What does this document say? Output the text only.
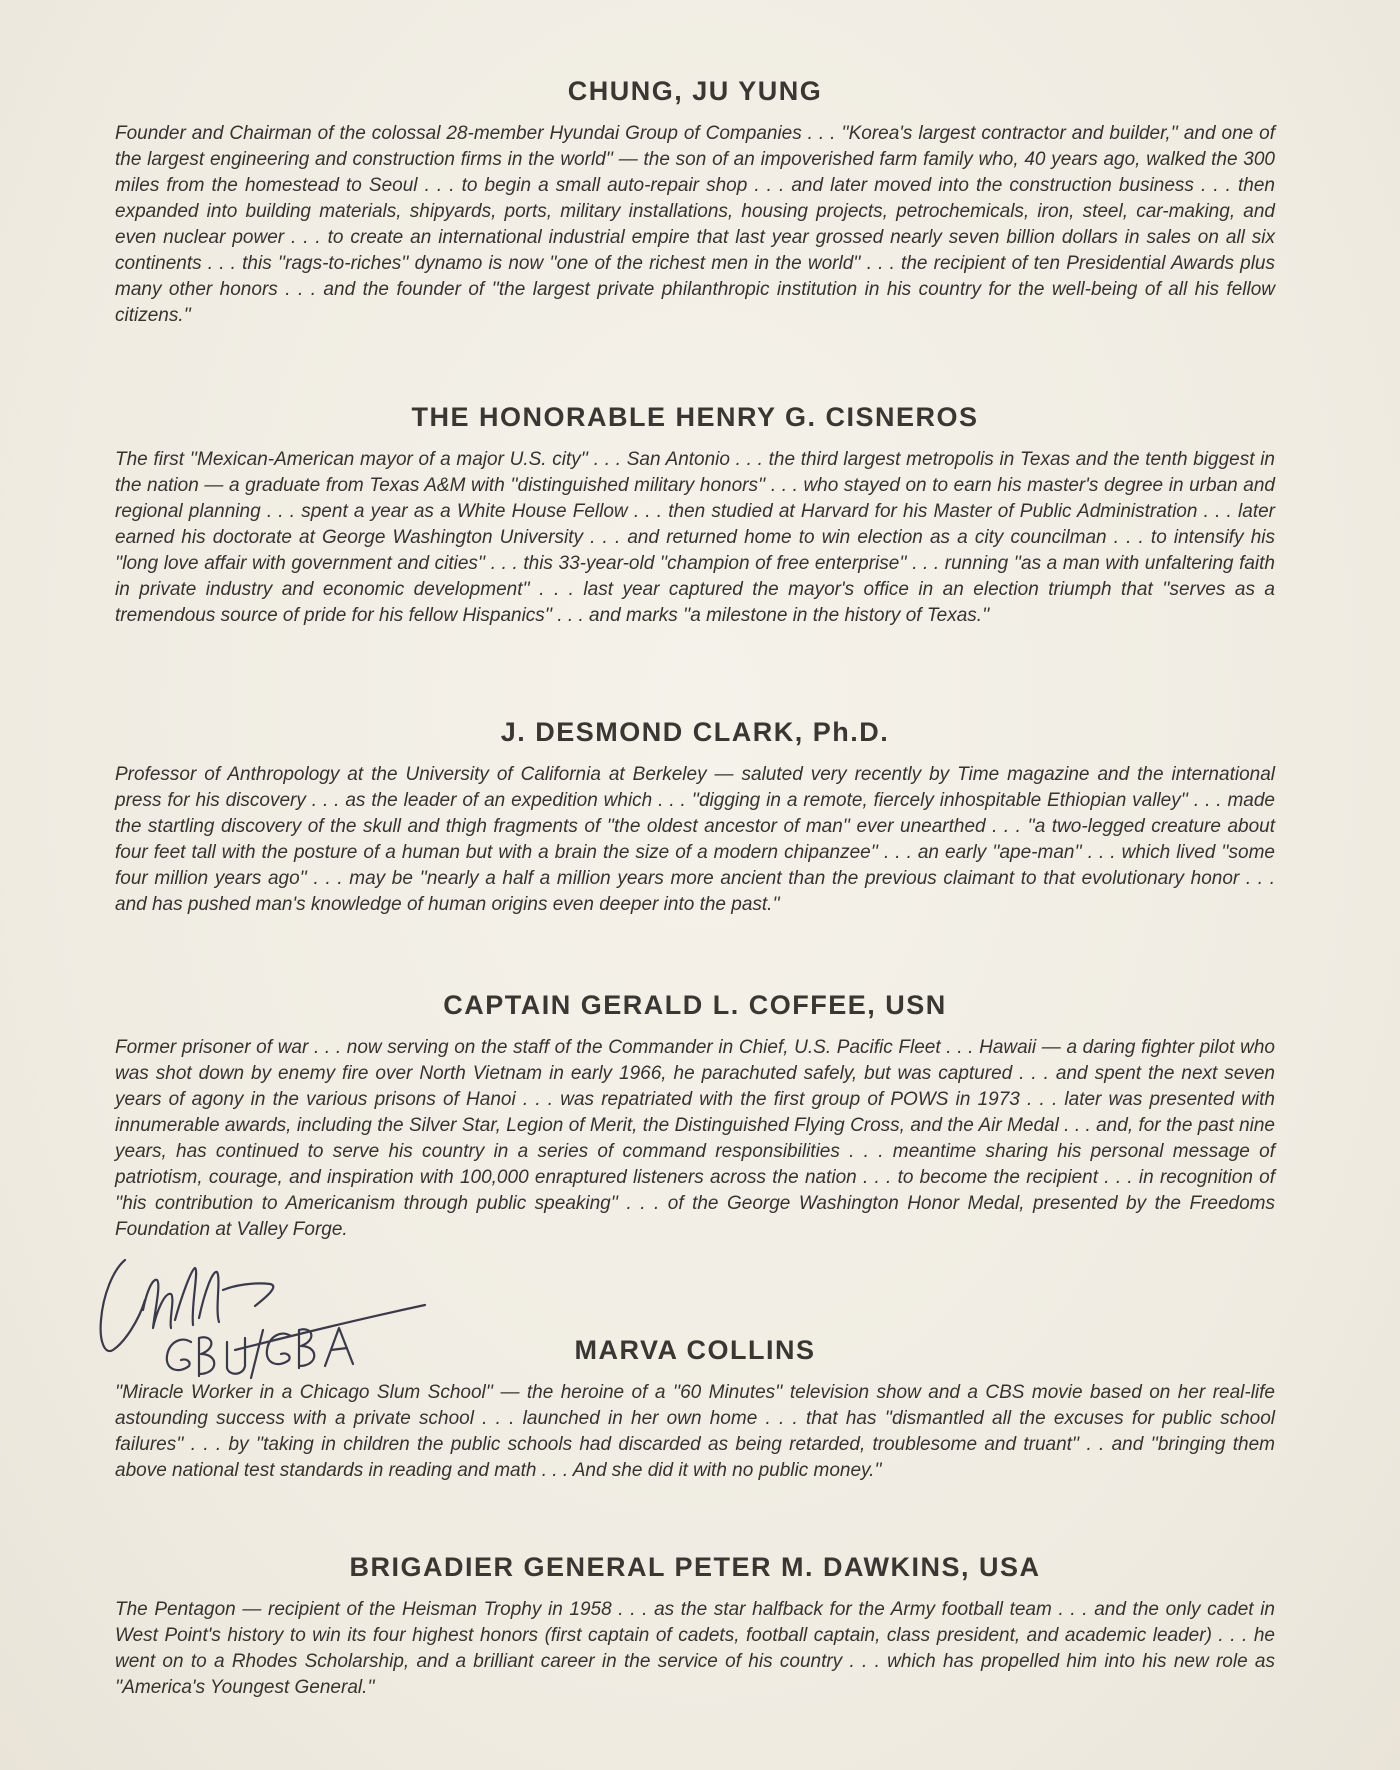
CHUNG, JU YUNG

Founder and Chairman of the colossal 28-member Hyundai Group of Companies . . . ''Korea's largest contractor and builder,'' and one of the largest engineering and construction firms in the world'' — the son of an impoverished farm family who, 40 years ago, walked the 300 miles from the homestead to Seoul . . . to begin a small auto-repair shop . . . and later moved into the construction business . . . then expanded into building materials, shipyards, ports, military installations, housing projects, petrochemicals, iron, steel, car-making, and even nuclear power . . . to create an international industrial empire that last year grossed nearly seven billion dollars in sales on all six continents . . . this ''rags-to-riches'' dynamo is now ''one of the richest men in the world'' . . . the recipient of ten Presidential Awards plus many other honors . . . and the founder of ''the largest private philanthropic institution in his country for the well-being of all his fellow citizens.''

THE HONORABLE HENRY G. CISNEROS

The first ''Mexican-American mayor of a major U.S. city'' . . . San Antonio . . . the third largest metropolis in Texas and the tenth biggest in the nation — a graduate from Texas A&M with ''distinguished military honors'' . . . who stayed on to earn his master's degree in urban and regional planning . . . spent a year as a White House Fellow . . . then studied at Harvard for his Master of Public Administration . . . later earned his doctorate at George Washington University . . . and returned home to win election as a city councilman . . . to intensify his ''long love affair with government and cities'' . . . this 33-year-old ''champion of free enterprise'' . . . running ''as a man with unfaltering faith in private industry and economic development'' . . . last year captured the mayor's office in an election triumph that ''serves as a tremendous source of pride for his fellow Hispanics'' . . . and marks ''a milestone in the history of Texas.''

J. DESMOND CLARK, Ph.D.

Professor of Anthropology at the University of California at Berkeley — saluted very recently by Time magazine and the international press for his discovery . . . as the leader of an expedition which . . . ''digging in a remote, fiercely inhospitable Ethiopian valley'' . . . made the startling discovery of the skull and thigh fragments of ''the oldest ancestor of man'' ever unearthed . . . ''a two-legged creature about four feet tall with the posture of a human but with a brain the size of a modern chipanzee'' . . . an early ''ape-man'' . . . which lived ''some four million years ago'' . . . may be ''nearly a half a million years more ancient than the previous claimant to that evolutionary honor . . . and has pushed man's knowledge of human origins even deeper into the past.''

CAPTAIN GERALD L. COFFEE, USN

Former prisoner of war . . . now serving on the staff of the Commander in Chief, U.S. Pacific Fleet . . . Hawaii — a daring fighter pilot who was shot down by enemy fire over North Vietnam in early 1966, he parachuted safely, but was captured . . . and spent the next seven years of agony in the various prisons of Hanoi . . . was repatriated with the first group of POWS in 1973 . . . later was presented with innumerable awards, including the Silver Star, Legion of Merit, the Distinguished Flying Cross, and the Air Medal . . . and, for the past nine years, has continued to serve his country in a series of command responsibilities . . . meantime sharing his personal message of patriotism, courage, and inspiration with 100,000 enraptured listeners across the nation . . . to become the recipient . . . in recognition of ''his contribution to Americanism through public speaking'' . . . of the George Washington Honor Medal, presented by the Freedoms Foundation at Valley Forge.

MARVA COLLINS

''Miracle Worker in a Chicago Slum School'' — the heroine of a ''60 Minutes'' television show and a CBS movie based on her real-life astounding success with a private school . . . launched in her own home . . . that has ''dismantled all the excuses for public school failures'' . . . by ''taking in children the public schools had discarded as being retarded, troublesome and truant'' . . and ''bringing them above national test standards in reading and math . . . And she did it with no public money.''

BRIGADIER GENERAL PETER M. DAWKINS, USA

The Pentagon — recipient of the Heisman Trophy in 1958 . . . as the star halfback for the Army football team . . . and the only cadet in West Point's history to win its four highest honors (first captain of cadets, football captain, class president, and academic leader) . . . he went on to a Rhodes Scholarship, and a brilliant career in the service of his country . . . which has propelled him into his new role as ''America's Youngest General.''
